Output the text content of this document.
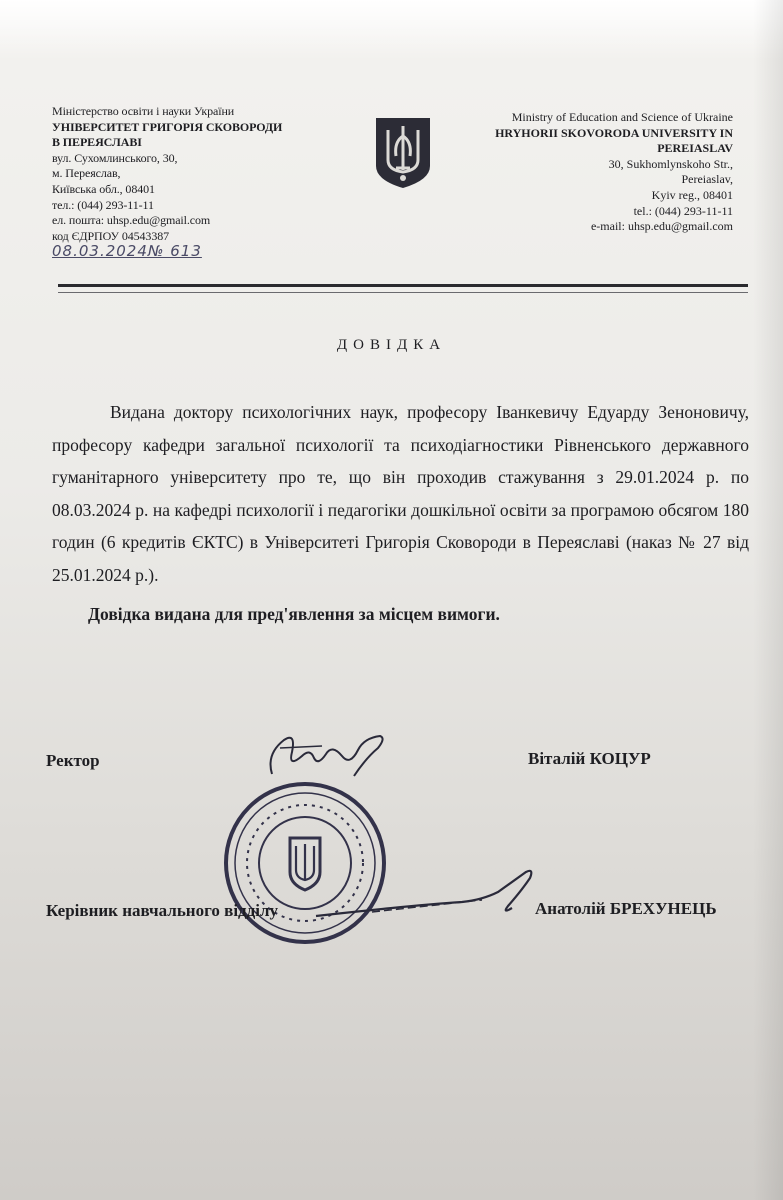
Міністерство освіти і науки України
УНІВЕРСИТЕТ ГРИГОРІЯ СКОВОРОДИ
В ПЕРЕЯСЛАВІ
вул. Сухомлинського, 30,
м. Переяслав,
Київська обл., 08401
тел.: (044) 293-11-11
ел. пошта: uhsp.edu@gmail.com
код ЄДРПОУ 04543387
08.03.2024№ 613
Ministry of Education and Science of Ukraine
HRYHORII SKOVORODA UNIVERSITY IN
PEREIASLAV
30, Sukhomlynskoho Str.,
Pereiaslav,
Kyiv reg., 08401
tel.: (044) 293-11-11
e-mail: uhsp.edu@gmail.com
ДОВІДКА

Видана доктору психологічних наук, професору Іванкевичу Едуарду Зеноновичу, професору кафедри загальної психології та психодіагностики Рівненського державного гуманітарного університету про те, що він проходив стажування з 29.01.2024 р. по 08.03.2024 р. на кафедрі психології і педагогіки дошкільної освіти за програмою обсягом 180 годин (6 кредитів ЄКТС) в Університеті Григорія Сковороди в Переяславі (наказ № 27 від 25.01.2024 р.).

Довідка видана для пред'явлення за місцем вимоги.
Ректор	Віталій КОЦУР
Керівник навчального відділу	Анатолій БРЕХУНЕЦЬ
